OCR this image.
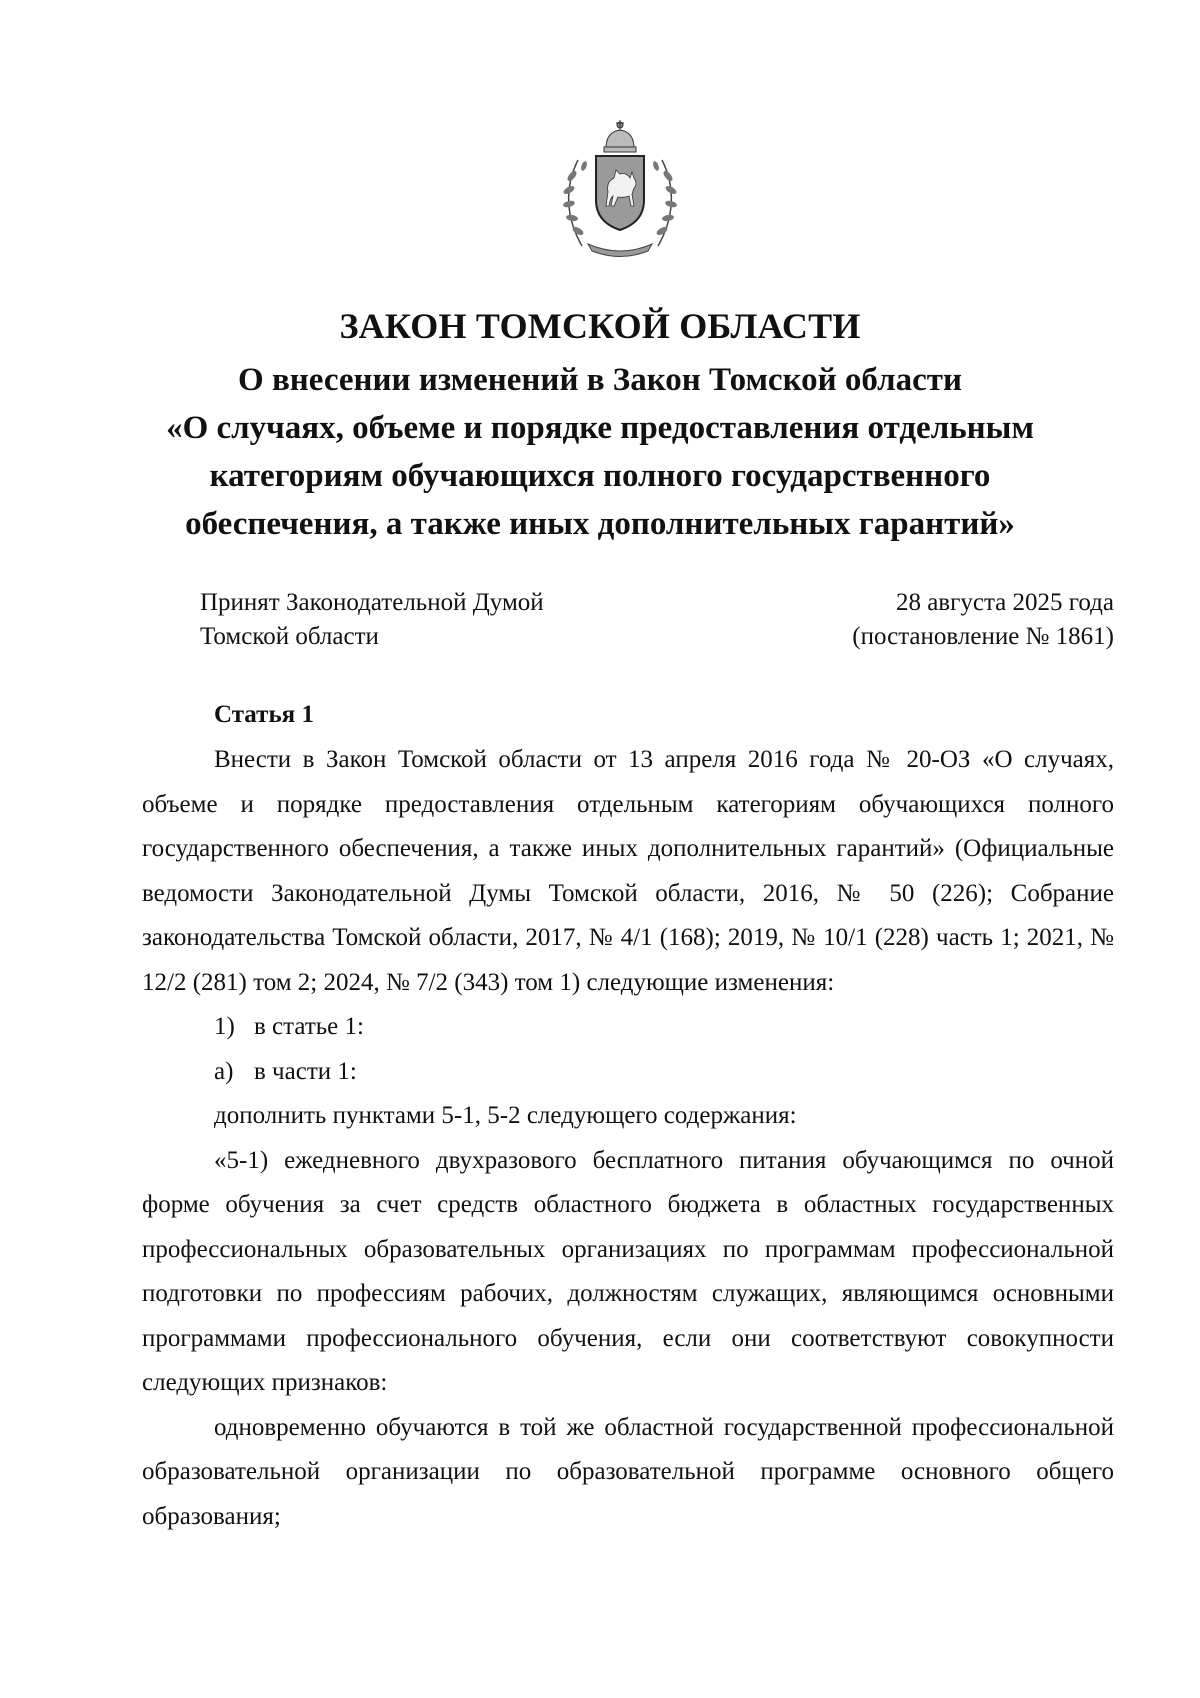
ЗАКОН ТОМСКОЙ ОБЛАСТИ

О внесении изменений в Закон Томской области
«О случаях, объеме и порядке предоставления отдельным
категориям обучающихся полного государственного
обеспечения, а также иных дополнительных гарантий»

Принят Законодательной Думой
Томской области
28 августа 2025 года
(постановление № 1861)

Статья 1

Внести в Закон Томской области от 13 апреля 2016 года № 20-ОЗ «О случаях, объеме и порядке предоставления отдельным категориям обучающихся полного государственного обеспечения, а также иных дополнительных гарантий» (Официальные ведомости Законодательной Думы Томской области, 2016, № 50 (226); Собрание законодательства Томской области, 2017, № 4/1 (168); 2019, № 10/1 (228) часть 1; 2021, № 12/2 (281) том 2; 2024, № 7/2 (343) том 1) следующие изменения:

1) в статье 1:

а) в части 1:

дополнить пунктами 5-1, 5-2 следующего содержания:

«5-1) ежедневного двухразового бесплатного питания обучающимся по очной форме обучения за счет средств областного бюджета в областных государственных профессиональных образовательных организациях по программам профессиональной подготовки по профессиям рабочих, должностям служащих, являющимся основными программами профессионального обучения, если они соответствуют совокупности следующих признаков:

одновременно обучаются в той же областной государственной профессиональной образовательной организации по образовательной программе основного общего образования;
